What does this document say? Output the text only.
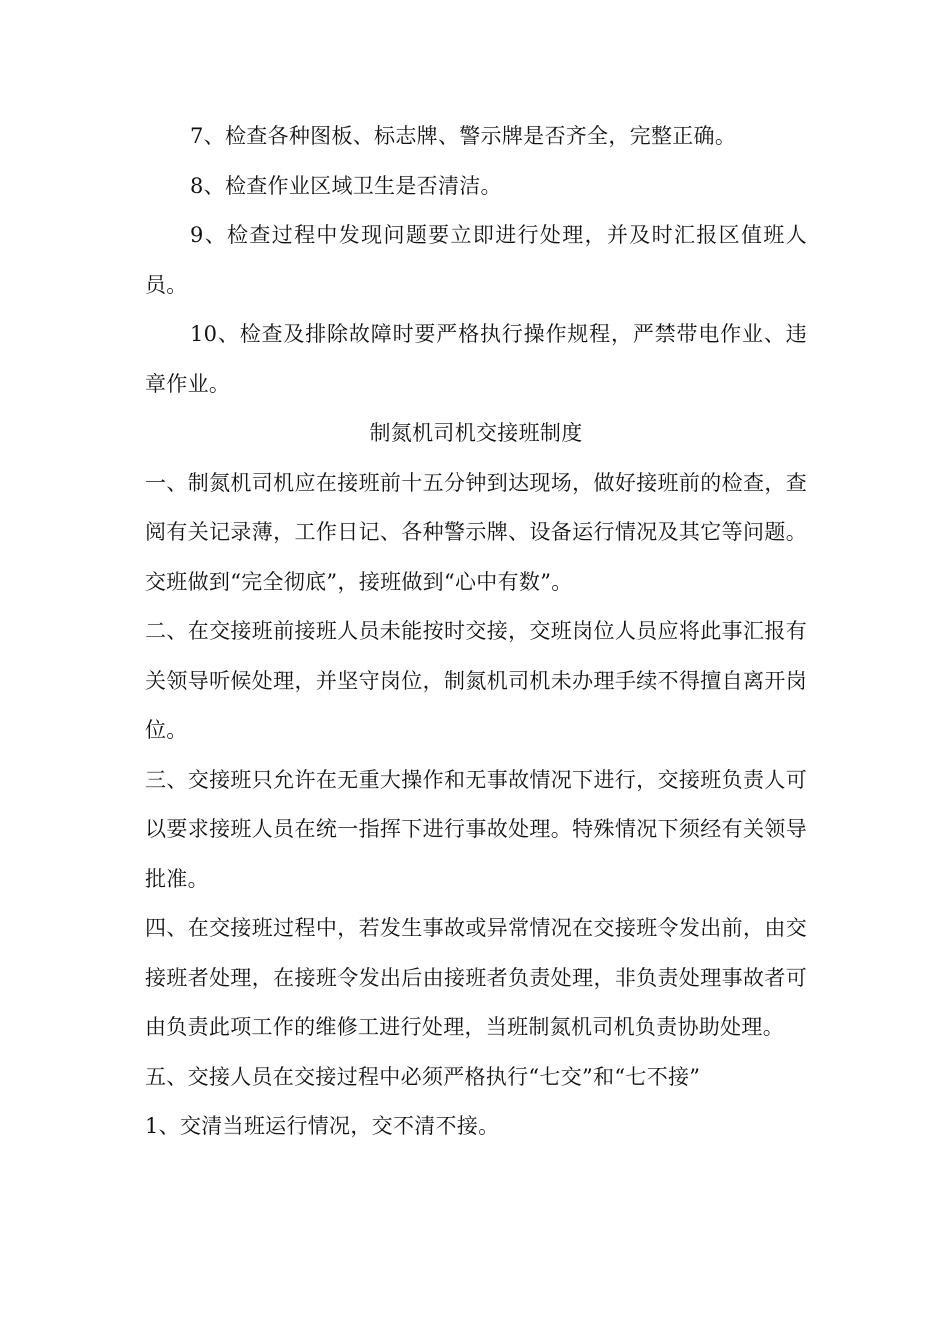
7、检查各种图板、标志牌、警示牌是否齐全，完整正确。

8、检查作业区域卫生是否清洁。

9、检查过程中发现问题要立即进行处理，并及时汇报区值班人员。

10、检查及排除故障时要严格执行操作规程，严禁带电作业、违章作业。

制氮机司机交接班制度

一、制氮机司机应在接班前十五分钟到达现场，做好接班前的检查，查阅有关记录薄，工作日记、各种警示牌、设备运行情况及其它等问题。交班做到“完全彻底”，接班做到“心中有数”。

二、在交接班前接班人员未能按时交接，交班岗位人员应将此事汇报有关领导听候处理，并坚守岗位，制氮机司机未办理手续不得擅自离开岗位。

三、交接班只允许在无重大操作和无事故情况下进行，交接班负责人可以要求接班人员在统一指挥下进行事故处理。特殊情况下须经有关领导批准。

四、在交接班过程中，若发生事故或异常情况在交接班令发出前，由交接班者处理，在接班令发出后由接班者负责处理，非负责处理事故者可由负责此项工作的维修工进行处理，当班制氮机司机负责协助处理。

五、交接人员在交接过程中必须严格执行“七交”和“七不接”

1、交清当班运行情况，交不清不接。
